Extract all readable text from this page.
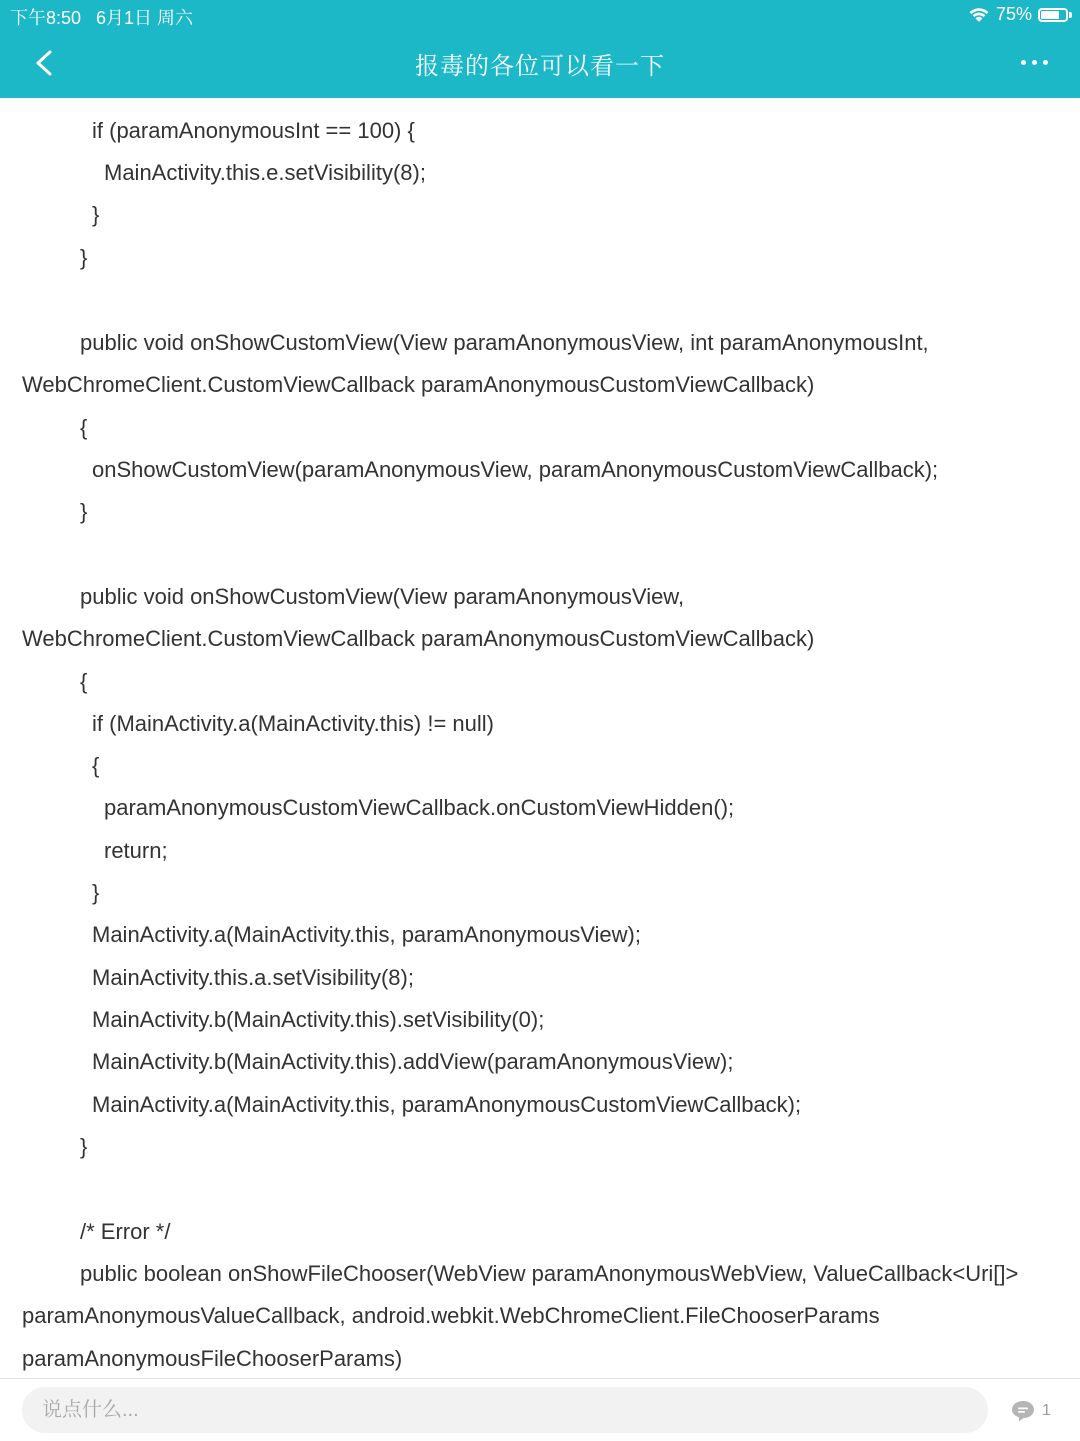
下午8:50 6月1日 周六	75%
报毒的各位可以看一下

if (paramAnonymousInt == 100) {
MainActivity.this.e.setVisibility(8);
}
}
public void onShowCustomView(View paramAnonymousView, int paramAnonymousInt,
WebChromeClient.CustomViewCallback paramAnonymousCustomViewCallback)
{
onShowCustomView(paramAnonymousView, paramAnonymousCustomViewCallback);
}
public void onShowCustomView(View paramAnonymousView,
WebChromeClient.CustomViewCallback paramAnonymousCustomViewCallback)
{
if (MainActivity.a(MainActivity.this) != null)
{
paramAnonymousCustomViewCallback.onCustomViewHidden();
return;
}
MainActivity.a(MainActivity.this, paramAnonymousView);
MainActivity.this.a.setVisibility(8);
MainActivity.b(MainActivity.this).setVisibility(0);
MainActivity.b(MainActivity.this).addView(paramAnonymousView);
MainActivity.a(MainActivity.this, paramAnonymousCustomViewCallback);
}
/* Error */
public boolean onShowFileChooser(WebView paramAnonymousWebView, ValueCallback<Uri[]>
paramAnonymousValueCallback, android.webkit.WebChromeClient.FileChooserParams
paramAnonymousFileChooserParams)
说点什么...
1
